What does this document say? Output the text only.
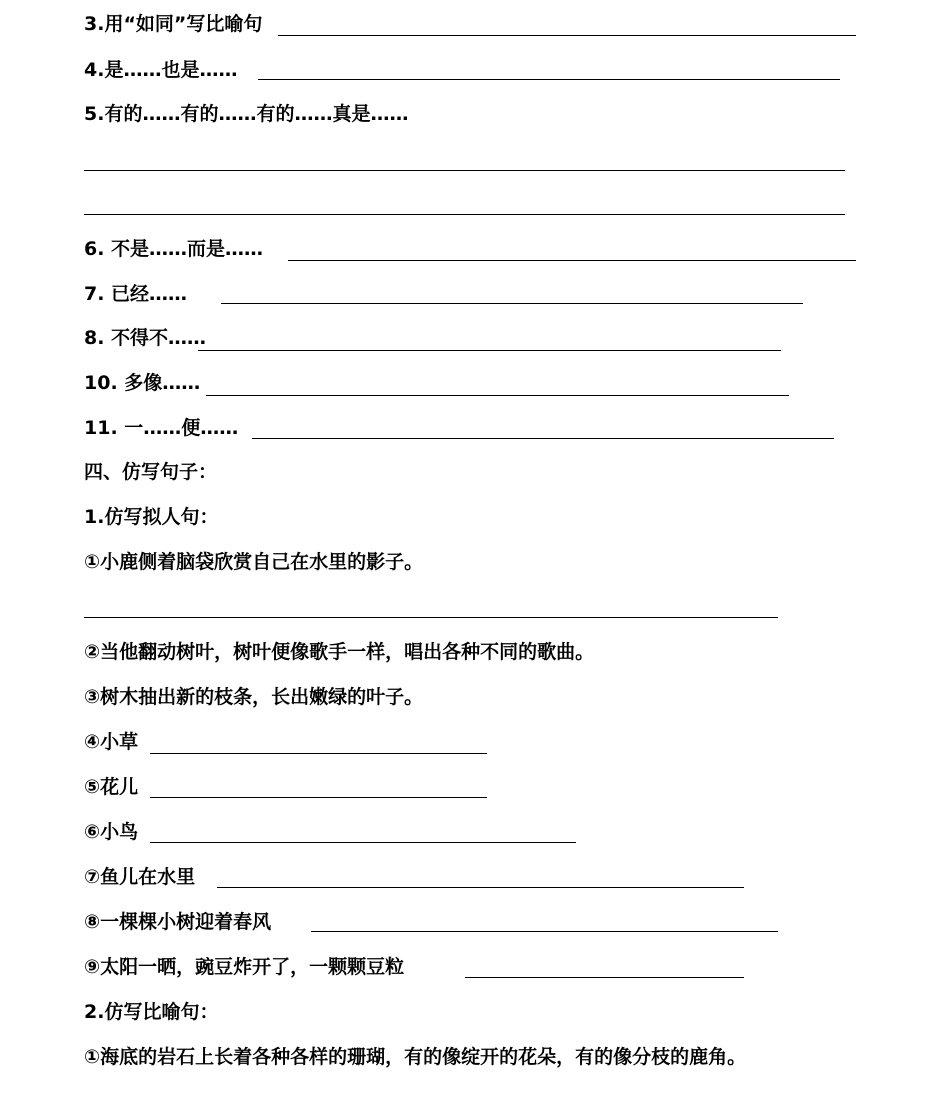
3.用“如同”写比喻句
4.是……也是……
5.有的……有的……有的……真是……
6. 不是……而是……
7. 已经……
8. 不得不……
10. 多像……
11. 一……便……
四、仿写句子：
1.仿写拟人句：
①小鹿侧着脑袋欣赏自己在水里的影子。
②当他翻动树叶，树叶便像歌手一样，唱出各种不同的歌曲。
③树木抽出新的枝条，长出嫩绿的叶子。
④小草
⑤花儿
⑥小鸟
⑦鱼儿在水里
⑧一棵棵小树迎着春风
⑨太阳一晒，豌豆炸开了，一颗颗豆粒
2.仿写比喻句：
①海底的岩石上长着各种各样的珊瑚，有的像绽开的花朵，有的像分枝的鹿角。
